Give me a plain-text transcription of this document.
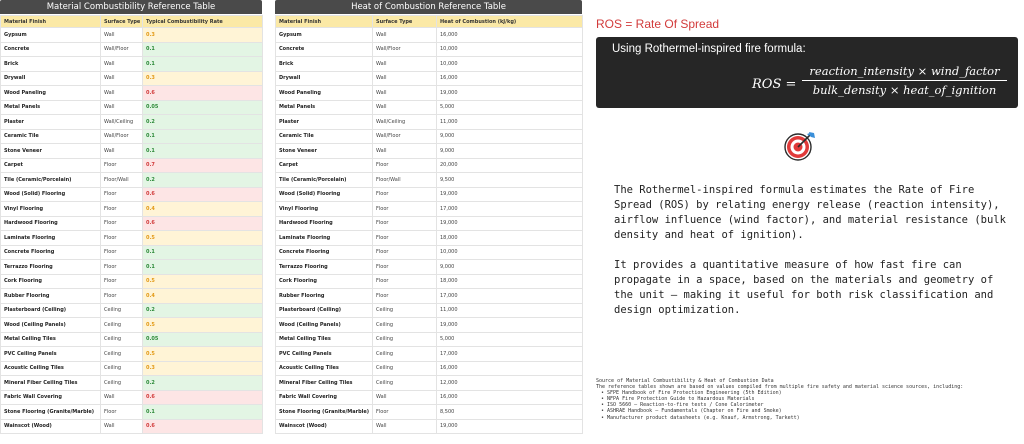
Material Combustibility Reference Table
Material Finish	Surface Type	Typical Combustibility Rate
Gypsum	Wall	0.3
Concrete	Wall/Floor	0.1
Brick	Wall	0.1
Drywall	Wall	0.3
Wood Paneling	Wall	0.6
Metal Panels	Wall	0.05
Plaster	Wall/Ceiling	0.2
Ceramic Tile	Wall/Floor	0.1
Stone Veneer	Wall	0.1
Carpet	Floor	0.7
Tile (Ceramic/Porcelain)	Floor/Wall	0.2
Wood (Solid) Flooring	Floor	0.6
Vinyl Flooring	Floor	0.4
Hardwood Flooring	Floor	0.6
Laminate Flooring	Floor	0.5
Concrete Flooring	Floor	0.1
Terrazzo Flooring	Floor	0.1
Cork Flooring	Floor	0.5
Rubber Flooring	Floor	0.4
Plasterboard (Ceiling)	Ceiling	0.2
Wood (Ceiling Panels)	Ceiling	0.5
Metal Ceiling Tiles	Ceiling	0.05
PVC Ceiling Panels	Ceiling	0.5
Acoustic Ceiling Tiles	Ceiling	0.3
Mineral Fiber Ceiling Tiles	Ceiling	0.2
Fabric Wall Covering	Wall	0.6
Stone Flooring (Granite/Marble)	Floor	0.1
Wainscot (Wood)	Wall	0.6
Heat of Combustion Reference Table
Material Finish	Surface Type	Heat of Combustion (kJ/kg)
Gypsum	Wall	16,000
Concrete	Wall/Floor	10,000
Brick	Wall	10,000
Drywall	Wall	16,000
Wood Paneling	Wall	19,000
Metal Panels	Wall	5,000
Plaster	Wall/Ceiling	11,000
Ceramic Tile	Wall/Floor	9,000
Stone Veneer	Wall	9,000
Carpet	Floor	20,000
Tile (Ceramic/Porcelain)	Floor/Wall	9,500
Wood (Solid) Flooring	Floor	19,000
Vinyl Flooring	Floor	17,000
Hardwood Flooring	Floor	19,000
Laminate Flooring	Floor	18,000
Concrete Flooring	Floor	10,000
Terrazzo Flooring	Floor	9,000
Cork Flooring	Floor	18,000
Rubber Flooring	Floor	17,000
Plasterboard (Ceiling)	Ceiling	11,000
Wood (Ceiling Panels)	Ceiling	19,000
Metal Ceiling Tiles	Ceiling	5,000
PVC Ceiling Panels	Ceiling	17,000
Acoustic Ceiling Tiles	Ceiling	16,000
Mineral Fiber Ceiling Tiles	Ceiling	12,000
Fabric Wall Covering	Wall	16,000
Stone Flooring (Granite/Marble)	Floor	8,500
Wainscot (Wood)	Wall	19,000
ROS = Rate Of Spread
Using Rothermel-inspired fire formula:
ROS =
reaction_intensity × wind_factor
bulk_density × heat_of_ignition

The Rothermel-inspired formula estimates the Rate of Fire Spread (ROS) by relating energy release (reaction intensity), airflow influence (wind factor), and material resistance (bulk density and heat of ignition).

It provides a quantitative measure of how fast fire can propagate in a space, based on the materials and geometry of the unit – making it useful for both risk classification and design optimization.

Source of Material Combustibility & Heat of Combustion Data
The reference tables shown are based on values compiled from multiple fire safety and material science sources, including:
• SFPE Handbook of Fire Protection Engineering (5th Edition)
• NFPA Fire Protection Guide to Hazardous Materials
• ISO 5660 – Reaction-to-fire tests / Cone Calorimeter
• ASHRAE Handbook – Fundamentals (Chapter on Fire and Smoke)
• Manufacturer product datasheets (e.g. Knauf, Armstrong, Tarkett)
